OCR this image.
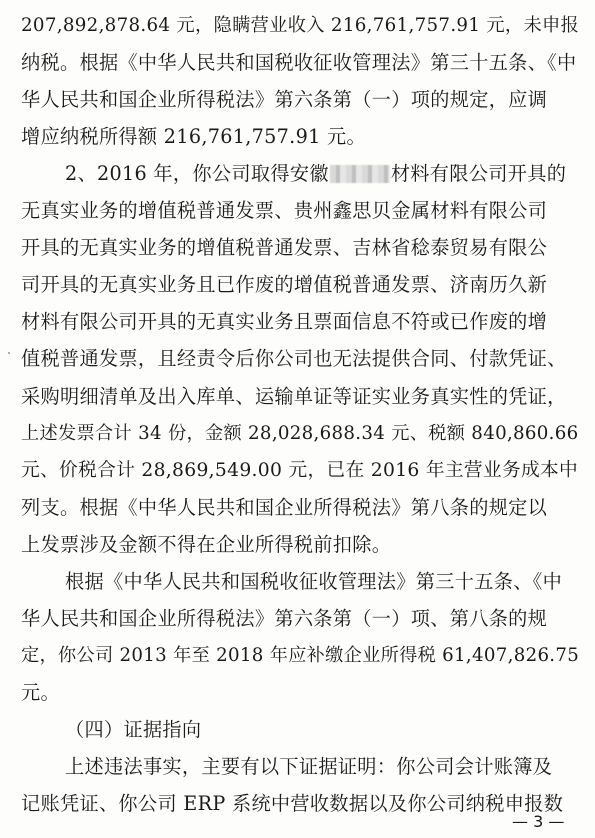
207,892,878.64 元，隐瞒营业收入 216,761,757.91 元，未申报
纳税。根据《中华人民共和国税收征收管理法》第三十五条、《中
华人民共和国企业所得税法》第六条第（一）项的规定，应调
增应纳税所得额 216,761,757.91 元。
2、2016 年，你公司取得安徽	材料有限公司开具的
无真实业务的增值税普通发票、贵州鑫思贝金属材料有限公司
开具的无真实业务的增值税普通发票、吉林省稔泰贸易有限公
司开具的无真实业务且已作废的增值税普通发票、济南历久新
材料有限公司开具的无真实业务且票面信息不符或已作废的增
值税普通发票，且经责令后你公司也无法提供合同、付款凭证、
采购明细清单及出入库单、运输单证等证实业务真实性的凭证，
上述发票合计 34 份，金额 28,028,688.34 元、税额 840,860.66
元、价税合计 28,869,549.00 元，已在 2016 年主营业务成本中
列支。根据《中华人民共和国企业所得税法》第八条的规定以
上发票涉及金额不得在企业所得税前扣除。
根据《中华人民共和国税收征收管理法》第三十五条、《中
华人民共和国企业所得税法》第六条第（一）项、第八条的规
定，你公司 2013 年至 2018 年应补缴企业所得税 61,407,826.75
元。
（四）证据指向
上述违法事实，主要有以下证据证明：你公司会计账簿及
记账凭证、你公司 ERP 系统中营收数据以及你公司纳税申报数
— 3 —
